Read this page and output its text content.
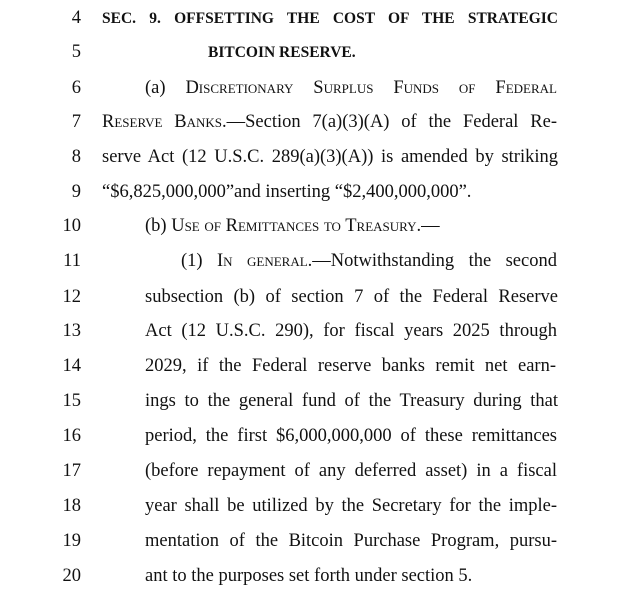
4 SEC. 9. OFFSETTING THE COST OF THE STRATEGIC
5	BITCOIN RESERVE.
6	(a) Discretionary Surplus Funds of Federal
7 Reserve Banks.—Section 7(a)(3)(A) of the Federal Re-
8 serve Act (12 U.S.C. 289(a)(3)(A)) is amended by striking
9 “$6,825,000,000”and inserting “$2,400,000,000”.
10	(b) Use of Remittances to Treasury.—
11	(1) In general.—Notwithstanding the second
12	subsection (b) of section 7 of the Federal Reserve
13	Act (12 U.S.C. 290), for fiscal years 2025 through
14	2029, if the Federal reserve banks remit net earn-
15	ings to the general fund of the Treasury during that
16	period, the first $6,000,000,000 of these remittances
17	(before repayment of any deferred asset) in a fiscal
18	year shall be utilized by the Secretary for the imple-
19	mentation of the Bitcoin Purchase Program, pursu-
20	ant to the purposes set forth under section 5.
